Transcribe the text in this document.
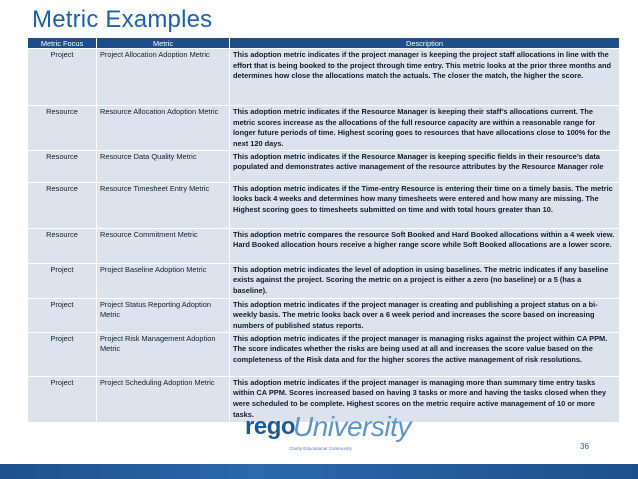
Metric Examples
Metric Focus	Metric	Description
Project	Project Allocation Adoption Metric	This adoption metric indicates if the project manager is keeping the project staff allocations in line with the effort that is being booked to the project through time entry. This metric looks at the prior three months and determines how close the allocations match the actuals. The closer the match, the higher the score.
Resource	Resource Allocation Adoption Metric	This adoption metric indicates if the Resource Manager is keeping their staff’s allocations current. The metric scores increase as the allocations of the full resource capacity are within a reasonable range for longer future periods of time. Highest scoring goes to resources that have allocations close to 100% for the next 120 days.
Resource	Resource Data Quality Metric	This adoption metric indicates if the Resource Manager is keeping specific fields in their resource’s data populated and demonstrates active management of the resource attributes by the Resource Manager role
Resource	Resource Timesheet Entry Metric	This adoption metric indicates if the Time-entry Resource is entering their time on a timely basis. The metric looks back 4 weeks and determines how many timesheets were entered and how many are missing. The Highest scoring goes to timesheets submitted on time and with total hours greater than 10.
Resource	Resource Commitment Metric	This adoption metric compares the resource Soft Booked and Hard Booked allocations within a 4 week view. Hard Booked allocation hours receive a higher range score while Soft Booked allocations are a lower score.
Project	Project Baseline Adoption Metric	This adoption metric indicates the level of adoption in using baselines. The metric indicates if any baseline exists against the project. Scoring the metric on a project is either a zero (no baseline) or a 5 (has a baseline).
Project	Project Status Reporting Adoption Metric	This adoption metric indicates if the project manager is creating and publishing a project status on a bi-weekly basis. The metric looks back over a 6 week period and increases the score based on increasing numbers of published status reports.
Project	Project Risk Management Adoption Metric	This adoption metric indicates if the project manager is managing risks against the project within CA PPM. The score indicates whether the risks are being used at all and increases the score value based on the completeness of the Risk data and for the higher scores the active management of risk resolutions.
Project	Project Scheduling Adoption Metric	This adoption metric indicates if the project manager is managing more than summary time entry tasks within CA PPM. Scores increased based on having 3 tasks or more and having the tasks closed when they were scheduled to be complete. Highest scores on the metric require active management of 10 or more tasks.
rego
University
Clarity Educational Community	36
